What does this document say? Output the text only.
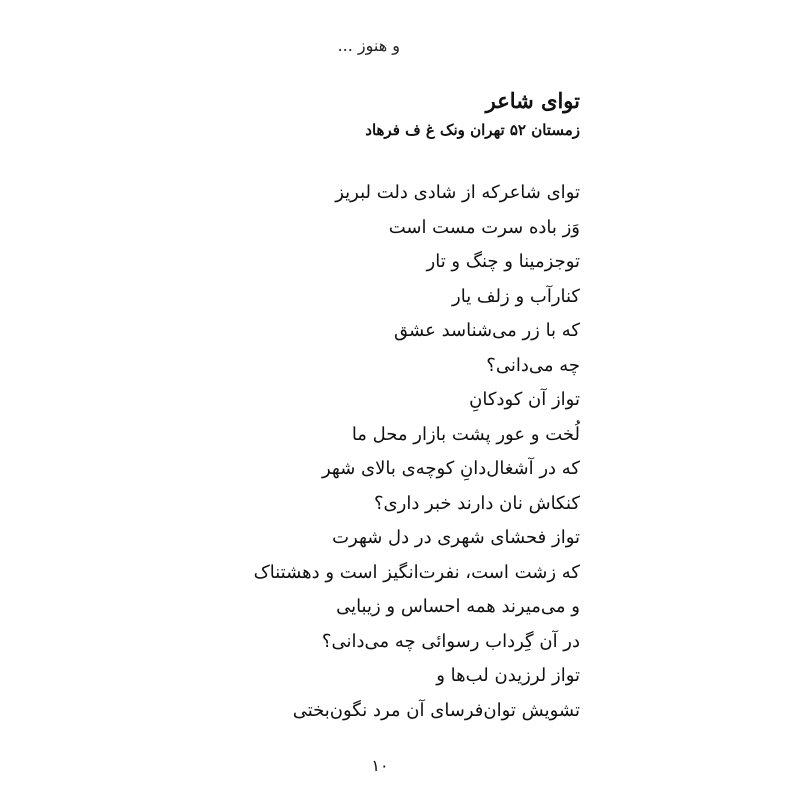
و هنوز ...
توای شاعر
زمستان ۵۲ تهران ونک غ ف فرهاد
توای شاعرکه از شادی دلت لبریز
وَز باده سرت مست است
توجزمینا و چنگ و تار
کنارآب و زلف یار
که با زر می‌شناسد عشق
چه می‌دانی؟
تواز آن کودکانِ
لُخت و عور پشت بازار محل ما
که در آشغال‌دانِ کوچه‌ی بالای شهر
کنکاش نان دارند خبر داری؟
تواز فحشای شهری در دل شهرت
که زشت است، نفرت‌انگیز است و دهشتناک
و می‌میرند همه احساس و زیبایی
در آن گِرداب رسوائی چه می‌دانی؟
تواز لرزیدن لب‌ها و
تشویش توان‌فرسای آن مرد نگون‌بختی
۱۰
